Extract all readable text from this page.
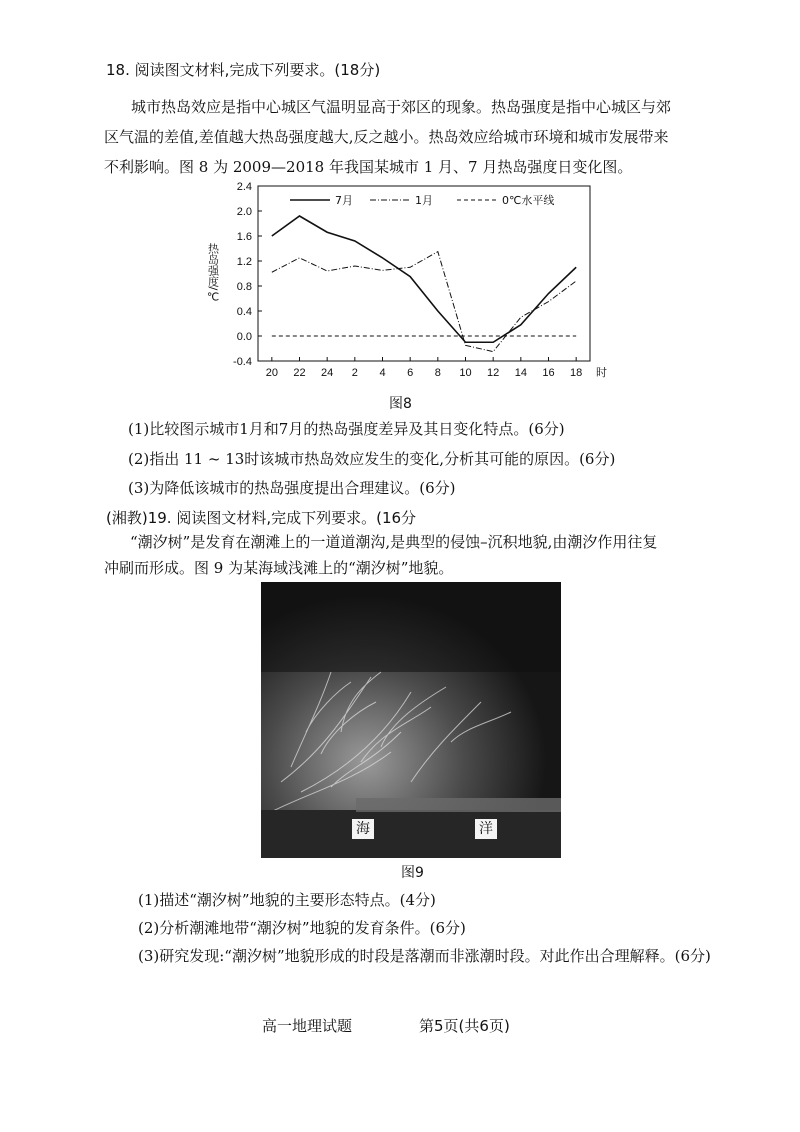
18. 阅读图文材料,完成下列要求。(18分)
城市热岛效应是指中心城区气温明显高于郊区的现象。热岛强度是指中心城区与郊
区气温的差值,差值越大热岛强度越大,反之越小。热岛效应给城市环境和城市发展带来
不利影响。图 8 为 2009—2018 年我国某城市 1 月、7 月热岛强度日变化图。
2.4
2.0
1.6
1.2
0.8
0.4
0.0
-0.4
20 22 24 2 4 6 8 10 12 14 16 18 时
热岛强度/℃
7月	1月	0℃水平线
图8
(1)比较图示城市1月和7月的热岛强度差异及其日变化特点。(6分)
(2)指出 11 ~ 13时该城市热岛效应发生的变化,分析其可能的原因。(6分)
(3)为降低该城市的热岛强度提出合理建议。(6分)
(湘教)19. 阅读图文材料,完成下列要求。(16分
“潮汐树”是发育在潮滩上的一道道潮沟,是典型的侵蚀–沉积地貌,由潮汐作用往复
冲刷而形成。图 9 为某海域浅滩上的“潮汐树”地貌。
海	洋
图9
(1)描述“潮汐树”地貌的主要形态特点。(4分)
(2)分析潮滩地带“潮汐树”地貌的发育条件。(6分)
(3)研究发现:“潮汐树”地貌形成的时段是落潮而非涨潮时段。对此作出合理解释。(6分)
高一地理试题	第5页(共6页)
